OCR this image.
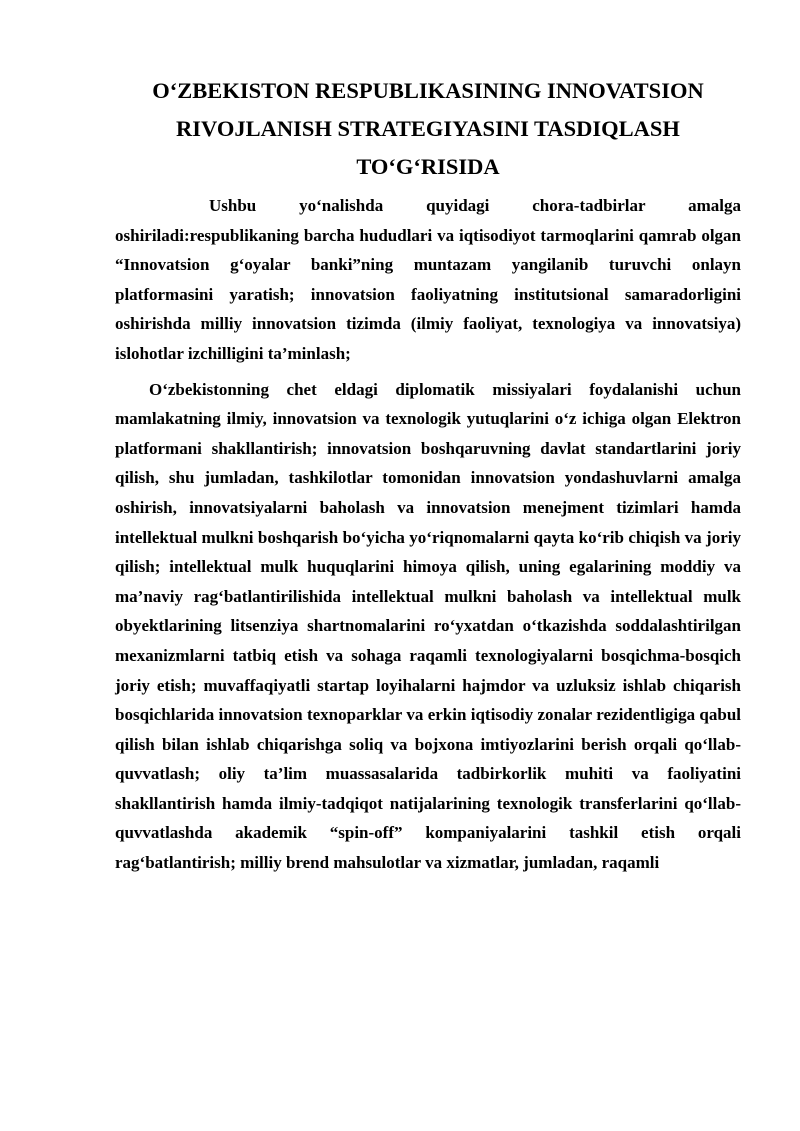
O‘ZBEKISTON RESPUBLIKASINING INNOVATSION
RIVOJLANISH STRATEGIYASINI TASDIQLASH
TO‘G‘RISIDA

Ushbu yo‘nalishda quyidagi chora-tadbirlar amalga oshiriladi:respublikaning barcha hududlari va iqtisodiyot tarmoqlarini qamrab olgan “Innovatsion g‘oyalar banki”ning muntazam yangilanib turuvchi onlayn platformasini yaratish; innovatsion faoliyatning institutsional samaradorligini oshirishda milliy innovatsion tizimda (ilmiy faoliyat, texnologiya va innovatsiya) islohotlar izchilligini ta’minlash;

O‘zbekistonning chet eldagi diplomatik missiyalari foydalanishi uchun mamlakatning ilmiy, innovatsion va texnologik yutuqlarini o‘z ichiga olgan Elektron platformani shakllantirish; innovatsion boshqaruvning davlat standartlarini joriy qilish, shu jumladan, tashkilotlar tomonidan innovatsion yondashuvlarni amalga oshirish, innovatsiyalarni baholash va innovatsion menejment tizimlari hamda intellektual mulkni boshqarish bo‘yicha yo‘riqnomalarni qayta ko‘rib chiqish va joriy qilish; intellektual mulk huquqlarini himoya qilish, uning egalarining moddiy va ma’naviy rag‘batlantirilishida intellektual mulkni baholash va intellektual mulk obyektlarining litsenziya shartnomalarini ro‘yxatdan o‘tkazishda soddalashtirilgan mexanizmlarni tatbiq etish va sohaga raqamli texnologiyalarni bosqichma-bosqich joriy etish; muvaffaqiyatli startap loyihalarni hajmdor va uzluksiz ishlab chiqarish bosqichlarida innovatsion texnoparklar va erkin iqtisodiy zonalar rezidentligiga qabul qilish bilan ishlab chiqarishga soliq va bojxona imtiyozlarini berish orqali qo‘llab-quvvatlash; oliy ta’lim muassasalarida tadbirkorlik muhiti va faoliyatini shakllantirish hamda ilmiy-tadqiqot natijalarining texnologik transferlarini qo‘llab-quvvatlashda akademik “spin-off” kompaniyalarini tashkil etish orqali rag‘batlantirish; milliy brend mahsulotlar va xizmatlar, jumladan, raqamli
